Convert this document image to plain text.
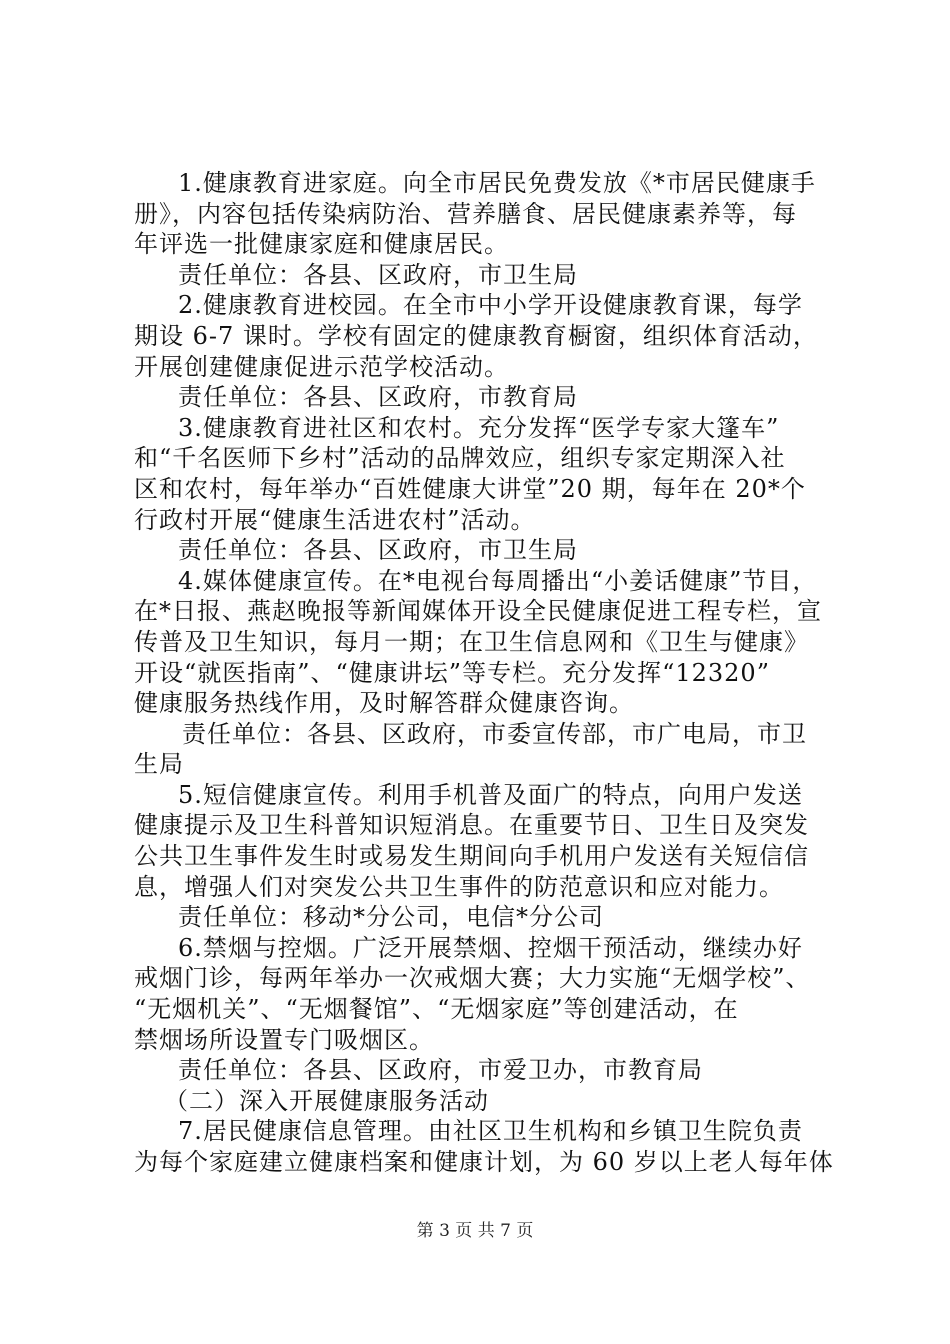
1.健康教育进家庭。向全市居民免费发放《*市居民健康手
册》，内容包括传染病防治、营养膳食、居民健康素养等，每
年评选一批健康家庭和健康居民。
责任单位：各县、区政府，市卫生局
2.健康教育进校园。在全市中小学开设健康教育课，每学
期设 6-7 课时。学校有固定的健康教育橱窗，组织体育活动，
开展创建健康促进示范学校活动。
责任单位：各县、区政府，市教育局
3.健康教育进社区和农村。充分发挥“医学专家大篷车”
和“千名医师下乡村”活动的品牌效应，组织专家定期深入社
区和农村，每年举办“百姓健康大讲堂”20 期，每年在 20*个
行政村开展“健康生活进农村”活动。
责任单位：各县、区政府，市卫生局
4.媒体健康宣传。在*电视台每周播出“小姜话健康”节目，
在*日报、燕赵晚报等新闻媒体开设全民健康促进工程专栏，宣
传普及卫生知识，每月一期；在卫生信息网和《卫生与健康》
开设“就医指南”、“健康讲坛”等专栏。充分发挥“12320”
健康服务热线作用，及时解答群众健康咨询。
责任单位：各县、区政府，市委宣传部，市广电局，市卫
生局
5.短信健康宣传。利用手机普及面广的特点，向用户发送
健康提示及卫生科普知识短消息。在重要节日、卫生日及突发
公共卫生事件发生时或易发生期间向手机用户发送有关短信信
息，增强人们对突发公共卫生事件的防范意识和应对能力。
责任单位：移动*分公司，电信*分公司
6.禁烟与控烟。广泛开展禁烟、控烟干预活动，继续办好
戒烟门诊，每两年举办一次戒烟大赛；大力实施“无烟学校”、
“无烟机关”、“无烟餐馆”、“无烟家庭”等创建活动，在
禁烟场所设置专门吸烟区。
责任单位：各县、区政府，市爱卫办，市教育局
（二）深入开展健康服务活动
7.居民健康信息管理。由社区卫生机构和乡镇卫生院负责
为每个家庭建立健康档案和健康计划，为 60 岁以上老人每年体
第 3 页 共 7 页
